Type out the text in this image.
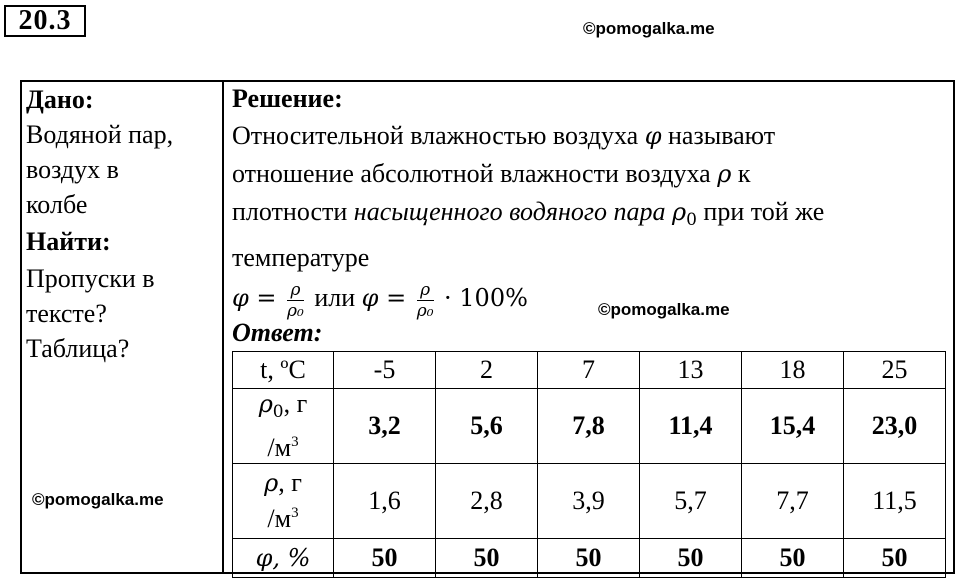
20.3	©pomogalka.me
©pomogalka.me
©pomogalka.me
Дано:
Водяной пар,
воздух в
колбе
Найти:
Пропуски в
тексте?
Таблица?
Решение:
Относительной влажностью воздуха φ называют
отношение абсолютной влажности воздуха ρ к
плотности насыщенного водяного пара $\rho_0$ при той же
температуре
$\varphi = \frac{\rho}{\text{ρ₀}}$ или $\varphi = \frac{\rho}{\text{ρ₀}} \cdot 100\%$
Ответ:
t, ºC	-5	2	7	13	18	25

$\rho_0$, г
$/м^3$	3,2	5,6	7,8	11,4	15,4	23,0

ρ, г
$/м^3$	1,6	2,8	3,9	5,7	7,7	11,5
φ, %	50	50	50	50	50	50
